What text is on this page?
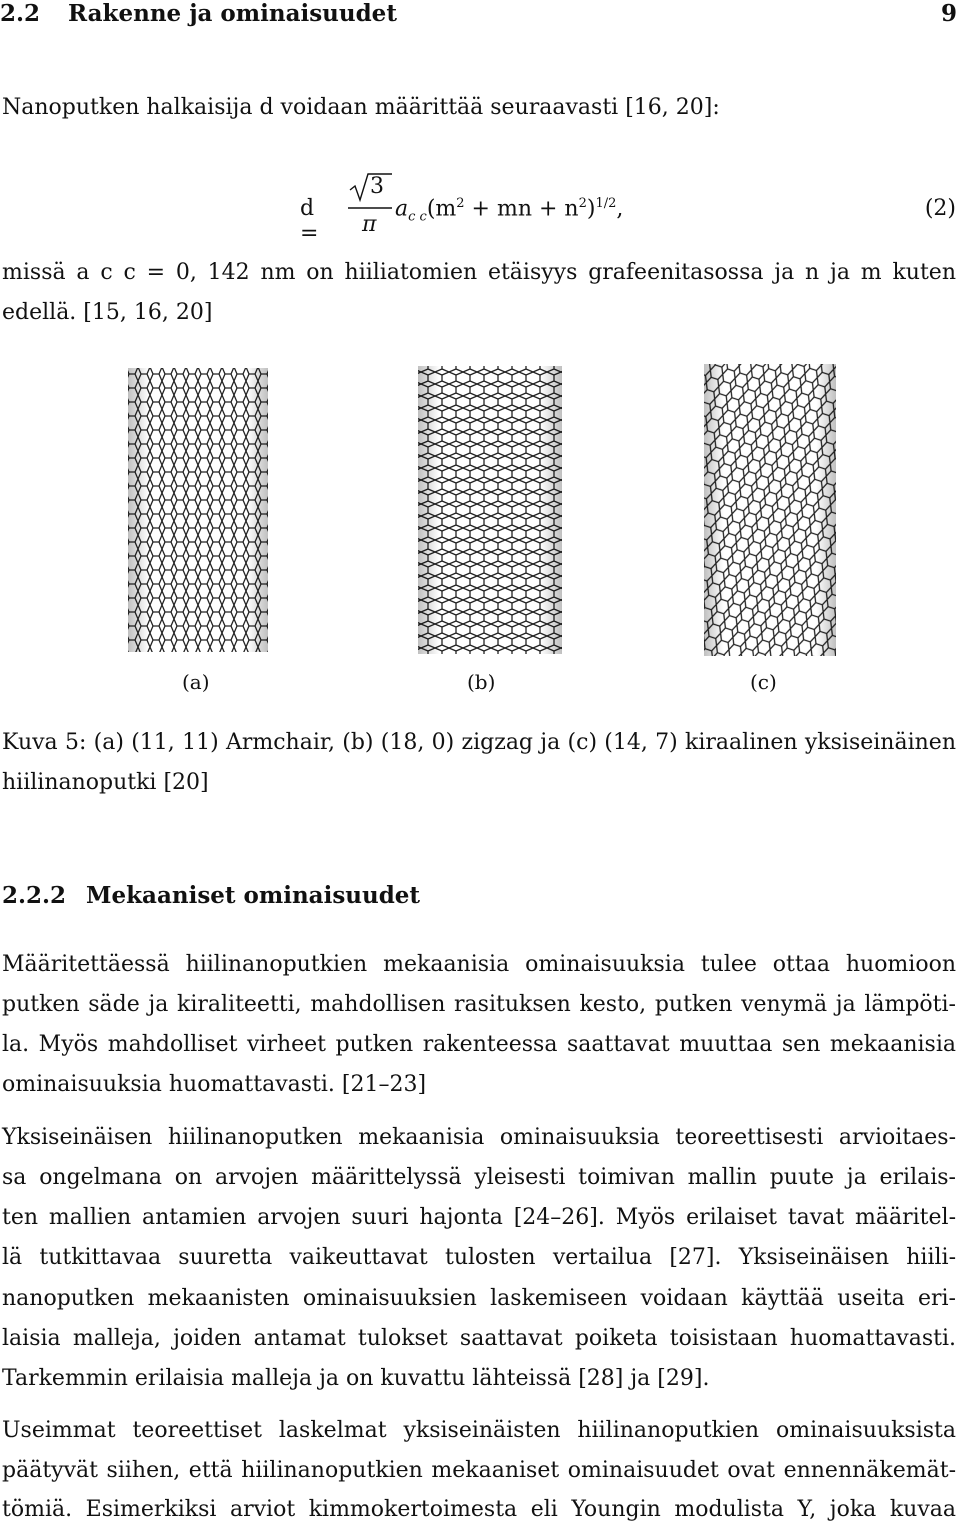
2.2 Rakenne ja ominaisuudet	9
Nanoputken halkaisija d voidaan määrittää seuraavasti [16, 20]:
d =
3
π
$a_{c c}(m^2$ + mn + $n^2)^{1/2}$,	(2)
missä a c c = 0, 142 nm on hiiliatomien etäisyys grafeenitasossa ja n ja m kuten
edellä. [15, 16, 20]
(a)	(b)	(c)
Kuva 5: (a) (11, 11) Armchair, (b) (18, 0) zigzag ja (c) (14, 7) kiraalinen yksiseinäinen
hiilinanoputki [20]
2.2.2 Mekaaniset ominaisuudet
Määritettäessä hiilinanoputkien mekaanisia ominaisuuksia tulee ottaa huomioon
putken säde ja kiraliteetti, mahdollisen rasituksen kesto, putken venymä ja lämpöti-
la. Myös mahdolliset virheet putken rakenteessa saattavat muuttaa sen mekaanisia
ominaisuuksia huomattavasti. [21–23]
Yksiseinäisen hiilinanoputken mekaanisia ominaisuuksia teoreettisesti arvioitaes-
sa ongelmana on arvojen määrittelyssä yleisesti toimivan mallin puute ja erilais-
ten mallien antamien arvojen suuri hajonta [24–26]. Myös erilaiset tavat määritel-
lä tutkittavaa suuretta vaikeuttavat tulosten vertailua [27]. Yksiseinäisen hiili-
nanoputken mekaanisten ominaisuuksien laskemiseen voidaan käyttää useita eri-
laisia malleja, joiden antamat tulokset saattavat poiketa toisistaan huomattavasti.
Tarkemmin erilaisia malleja ja on kuvattu lähteissä [28] ja [29].
Useimmat teoreettiset laskelmat yksiseinäisten hiilinanoputkien ominaisuuksista
päätyvät siihen, että hiilinanoputkien mekaaniset ominaisuudet ovat ennennäkemät-
tömiä. Esimerkiksi arviot kimmokertoimesta eli Youngin modulista Y, joka kuvaa
